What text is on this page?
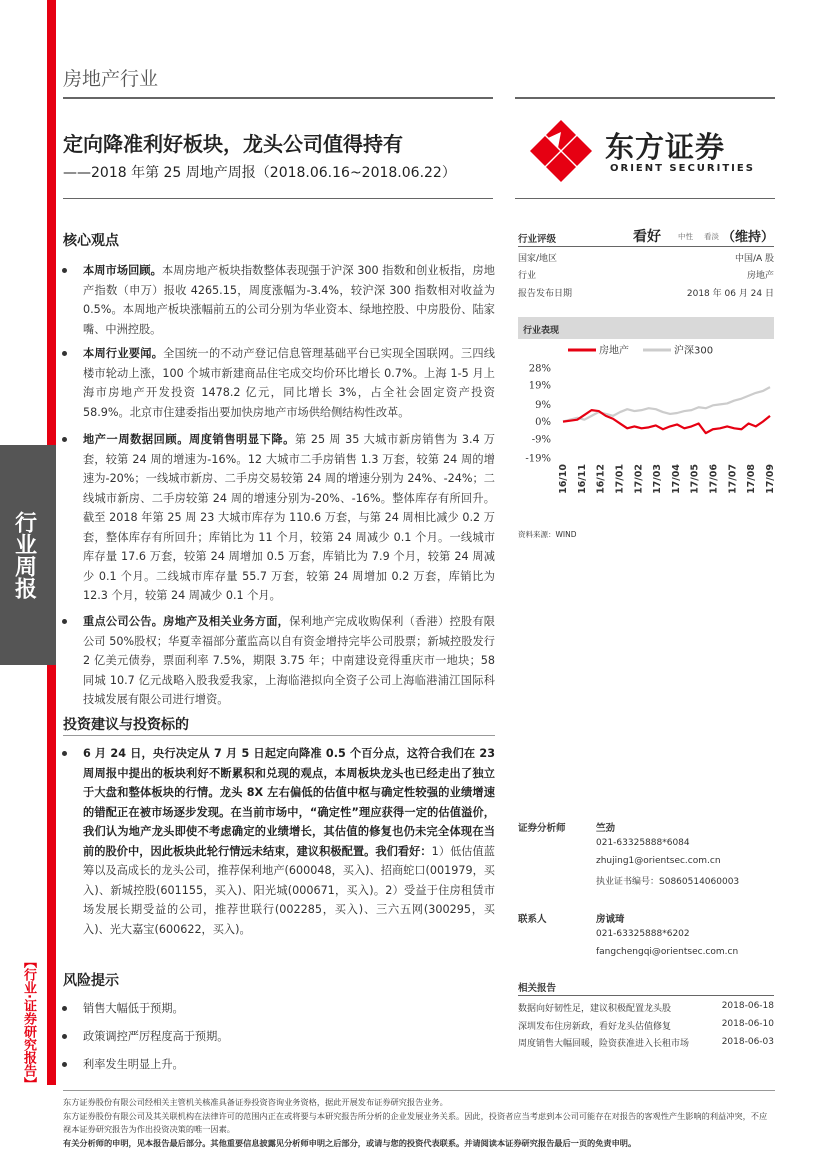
行业周报
【行业·证券研究报告】
房地产行业
定向降准利好板块，龙头公司值得持有
——2018 年第 25 周地产周报（2018.06.16~2018.06.22）
东方证券
ORIENT SECURITIES
核心观点
本周市场回顾。本周房地产板块指数整体表现强于沪深 300 指数和创业板指，房地产指数（申万）报收 4265.15，周度涨幅为-3.4%，较沪深 300 指数相对收益为 0.5%。本周地产板块涨幅前五的公司分别为华业资本、绿地控股、中房股份、陆家嘴、中洲控股。
本周行业要闻。全国统一的不动产登记信息管理基础平台已实现全国联网。三四线楼市轮动上涨，100 个城市新建商品住宅成交均价环比增长 0.7%。上海 1-5 月上海市房地产开发投资 1478.2 亿元，同比增长 3%，占全社会固定资产投资 58.9%。北京市住建委指出要加快房地产市场供给侧结构性改革。
地产一周数据回顾。周度销售明显下降。第 25 周 35 大城市新房销售为 3.4 万套，较第 24 周的增速为-16%。12 大城市二手房销售 1.3 万套，较第 24 周的增速为-20%；一线城市新房、二手房交易较第 24 周的增速分别为 24%、-24%；二线城市新房、二手房较第 24 周的增速分别为-20%、-16%。整体库存有所回升。截至 2018 年第 25 周 23 大城市库存为 110.6 万套，与第 24 周相比减少 0.2 万套，整体库存有所回升；库销比为 11 个月，较第 24 周减少 0.1 个月。一线城市库存量 17.6 万套，较第 24 周增加 0.5 万套，库销比为 7.9 个月，较第 24 周减少 0.1 个月。二线城市库存量 55.7 万套，较第 24 周增加 0.2 万套，库销比为 12.3 个月，较第 24 周减少 0.1 个月。
重点公司公告。房地产及相关业务方面，保利地产完成收购保利（香港）控股有限公司 50%股权；华夏幸福部分董监高以自有资金增持完毕公司股票；新城控股发行 2 亿美元债券，票面利率 7.5%，期限 3.75 年；中南建设竞得重庆市一地块；58 同城 10.7 亿元战略入股我爱我家，上海临港拟向全资子公司上海临港浦江国际科技城发展有限公司进行增资。
投资建议与投资标的
6 月 24 日，央行决定从 7 月 5 日起定向降准 0.5 个百分点，这符合我们在 23 周周报中提出的板块利好不断累积和兑现的观点，本周板块龙头也已经走出了独立于大盘和整体板块的行情。龙头 8X 左右偏低的估值中枢与确定性较强的业绩增速的错配正在被市场逐步发现。在当前市场中，“确定性”理应获得一定的估值溢价，我们认为地产龙头即使不考虑确定的业绩增长，其估值的修复也仍未完全体现在当前的股价中，因此板块此轮行情远未结束，建议积极配置。我们看好：1）低估值蓝筹以及高成长的龙头公司，推荐保利地产(600048，买入)、招商蛇口(001979，买入)、新城控股(601155，买入)、阳光城(000671，买入)。2）受益于住房租赁市场发展长期受益的公司，推荐世联行(002285，买入)、三六五网(300295，买入)、光大嘉宝(600622，买入)。
风险提示
销售大幅低于预期。
政策调控严厉程度高于预期。
利率发生明显上升。
行业评级	看好 中性 看淡 （维持）
国家/地区	中国/A 股
行业	房地产
报告发布日期	2018 年 06 月 24 日
行业表现
房地产	沪深300
28%
19%
9%
0%
-9%
-19%
16/10 16/11 16/12 17/01 17/02 17/03 17/04 17/05 17/06 17/07 17/08 17/09
资料来源：WIND
证券分析师	竺劲
021-63325888*6084
zhujing1@orientsec.com.cn
执业证书编号：S0860514060003
联系人	房诚琦
021-63325888*6202
fangchengqi@orientsec.com.cn
相关报告
数据向好韧性足，建议积极配置龙头股	2018-06-18
深圳发布住房新政，看好龙头估值修复	2018-06-10
周度销售大幅回暖，险资获准进入长租市场	2018-06-03
东方证券股份有限公司经相关主管机关核准具备证券投资咨询业务资格，据此开展发布证券研究报告业务。
东方证券股份有限公司及其关联机构在法律许可的范围内正在或将要与本研究报告所分析的企业发展业务关系。因此，投资者应当考虑到本公司可能存在对报告的客观性产生影响的利益冲突，不应视本证券研究报告为作出投资决策的唯一因素。
有关分析师的申明，见本报告最后部分。其他重要信息披露见分析师申明之后部分，或请与您的投资代表联系。并请阅读本证券研究报告最后一页的免责申明。
